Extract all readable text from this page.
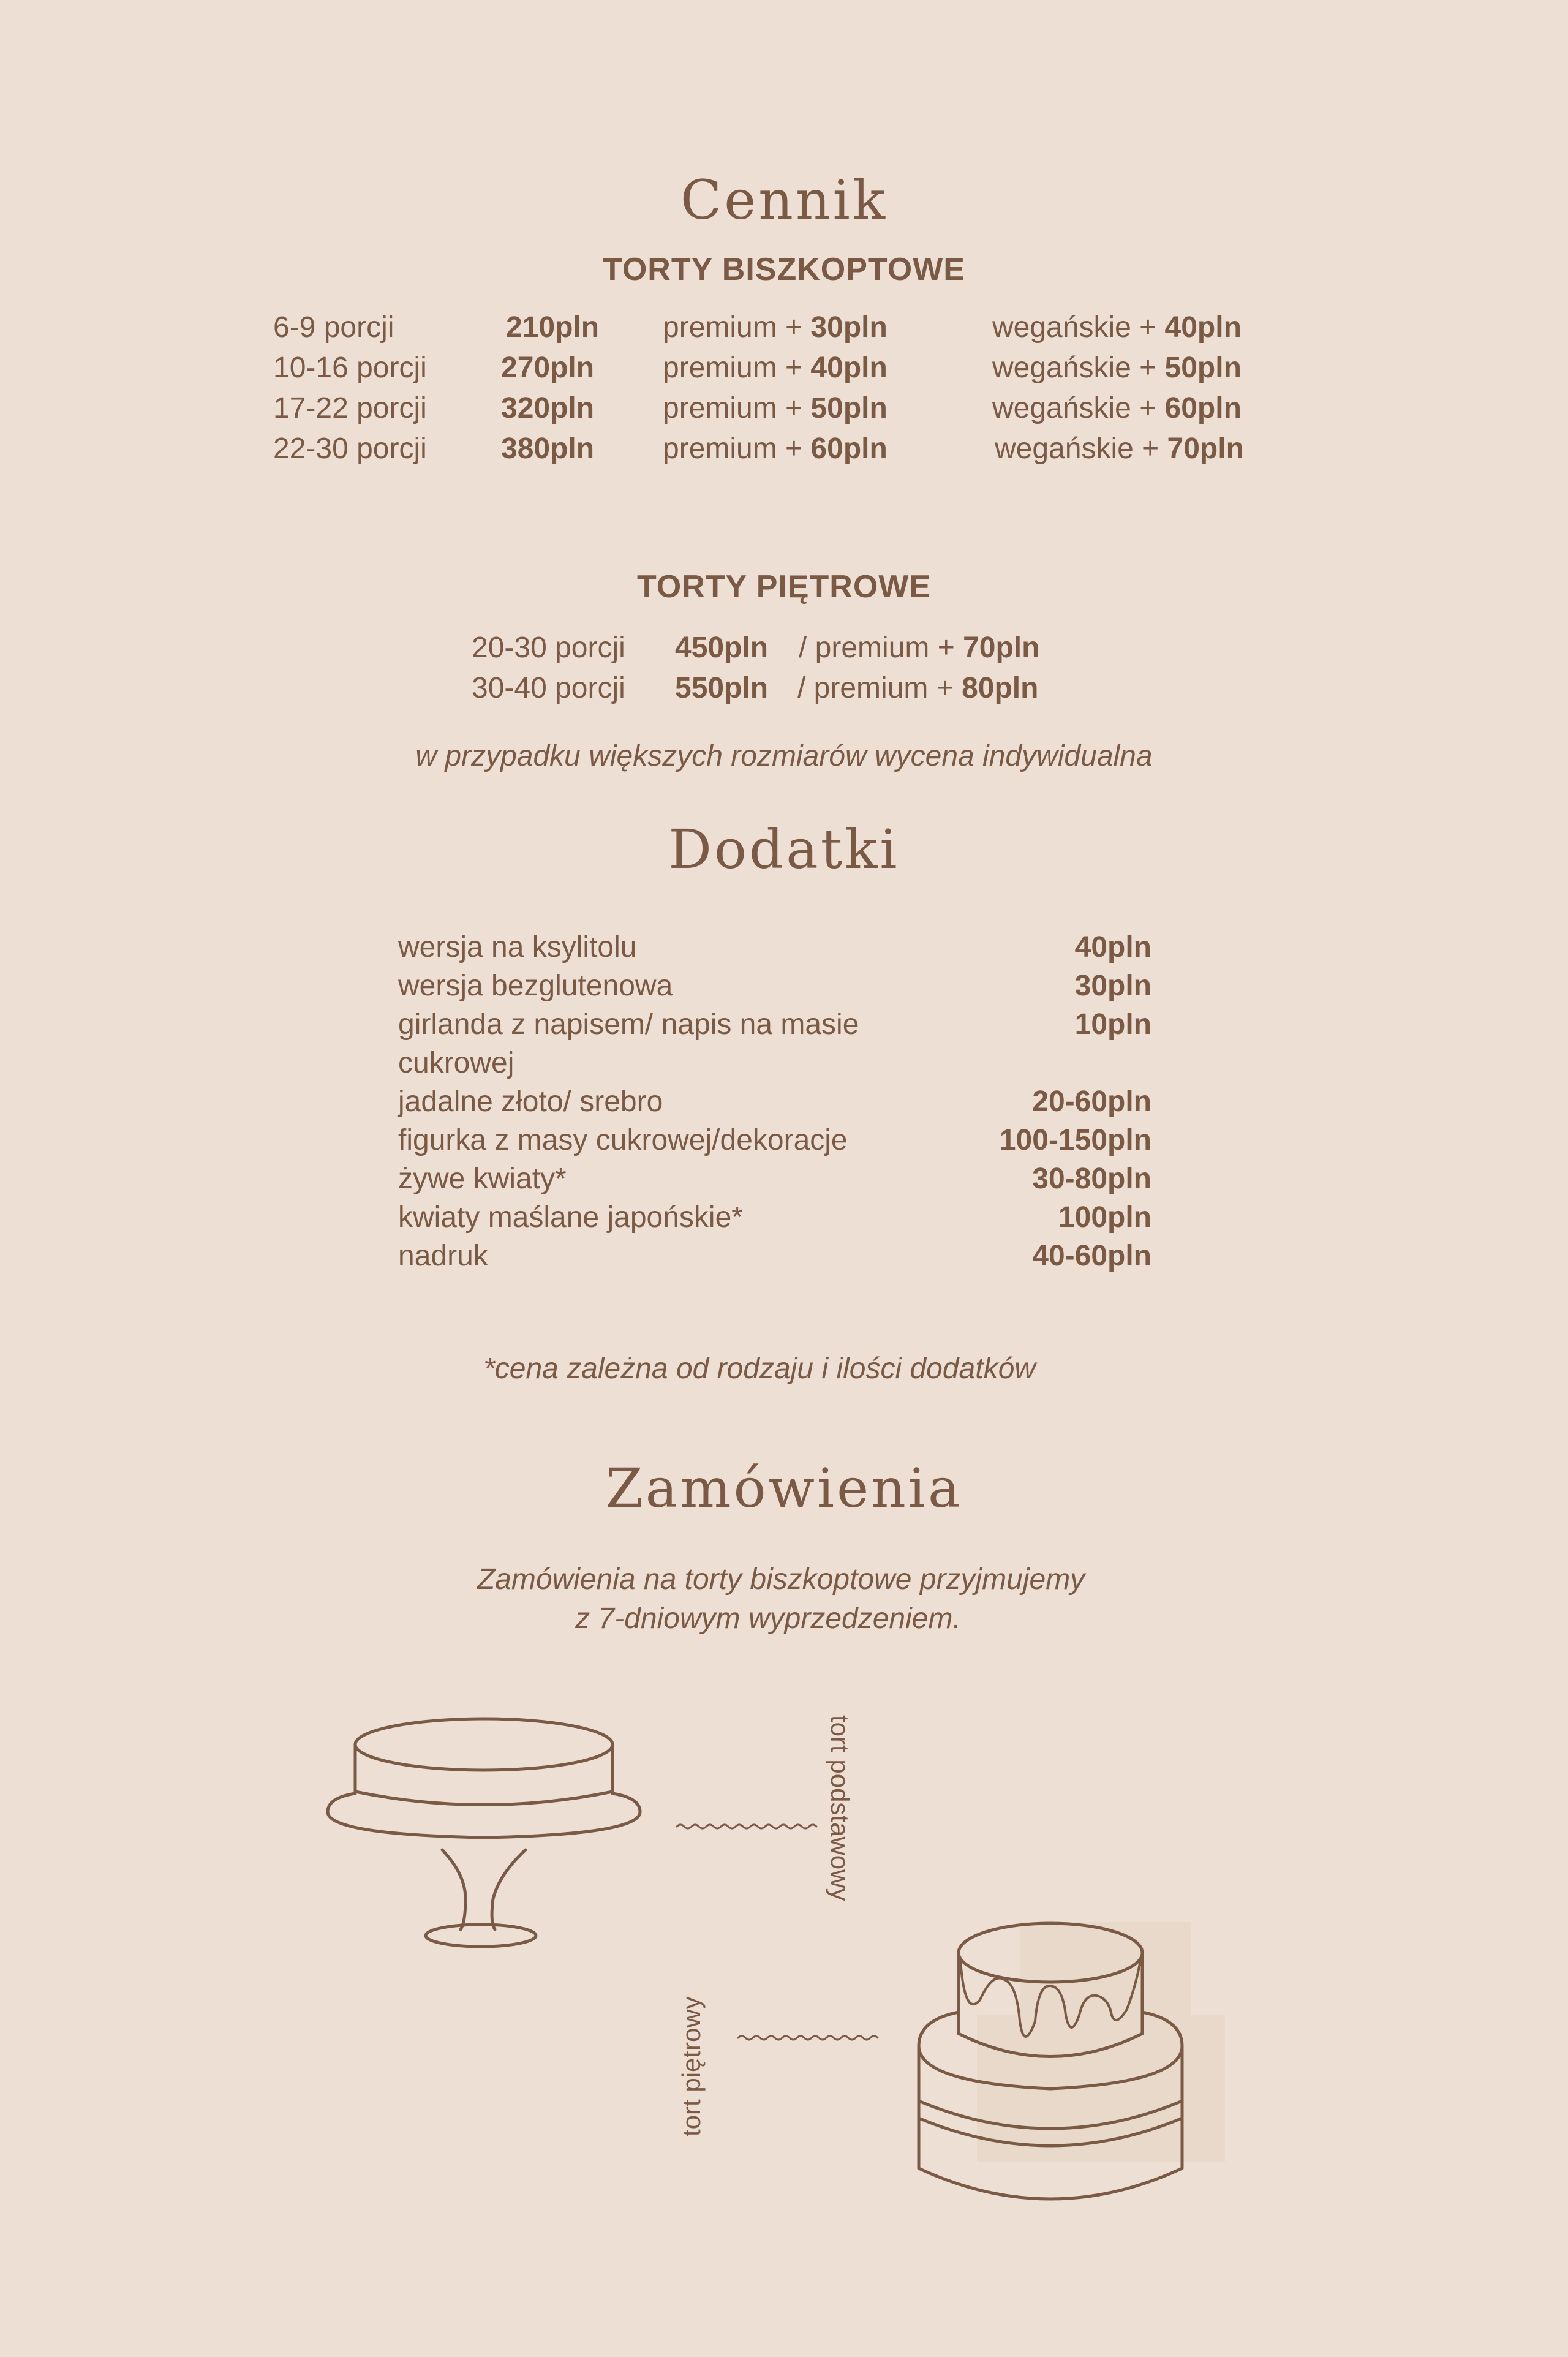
Cennik
TORTY BISZKOPTOWE
6-9 porcji	210pln premium + 30pln	wegańskie + 40pln
10-16 porcji	270pln premium + 40pln	wegańskie + 50pln
17-22 porcji	320pln premium + 50pln	wegańskie + 60pln
22-30 porcji	380pln premium + 60pln	wegańskie + 70pln
TORTY PIĘTROWE
20-30 porcji 450pln / premium + 70pln
30-40 porcji 550pln / premium + 80pln
w przypadku większych rozmiarów wycena indywidualna
Dodatki
wersja na ksylitolu	40pln
wersja bezglutenowa	30pln
girlanda z napisem/ napis na masie cukrowej
10pln
jadalne złoto/ srebro	20-60pln
figurka z masy cukrowej/dekoracje	100-150pln
żywe kwiaty*	30-80pln
kwiaty maślane japońskie*	100pln
nadruk	40-60pln
*cena zależna od rodzaju i ilości dodatków
Zamówienia
Zamówienia na torty biszkoptowe przyjmujemy
z 7-dniowym wyprzedzeniem.
tort podstawowy
tort piętrowy
